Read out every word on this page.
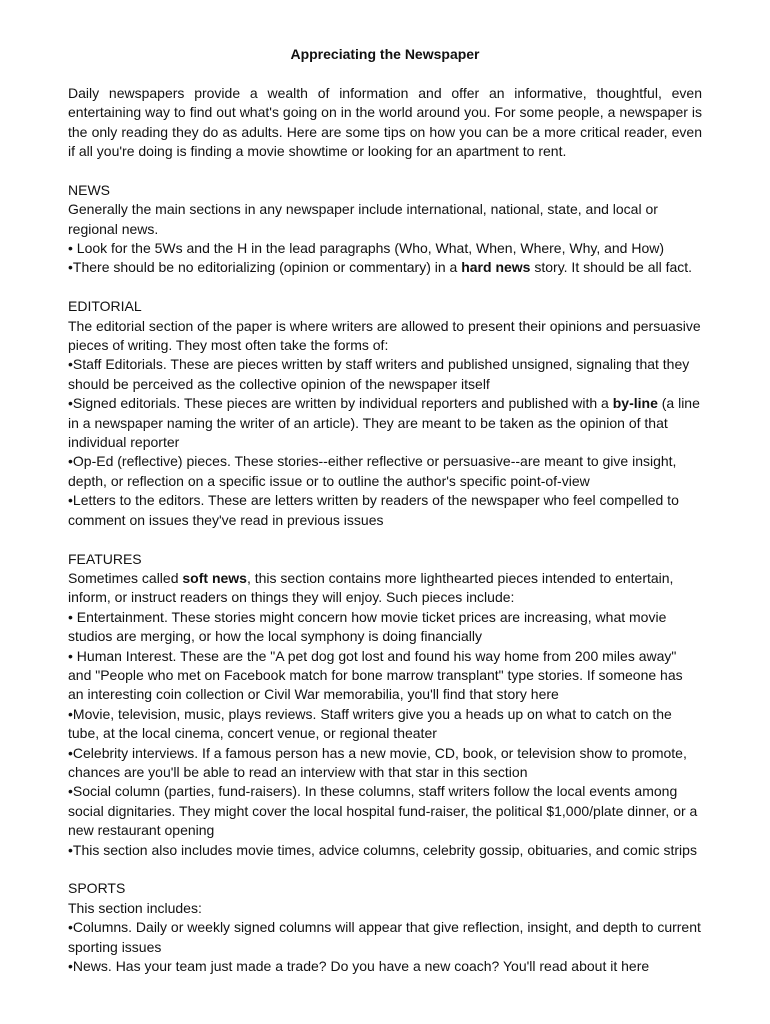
Appreciating the Newspaper

Daily newspapers provide a wealth of information and offer an informative, thoughtful, even entertaining way to find out what's going on in the world around you. For some people, a newspaper is the only reading they do as adults. Here are some tips on how you can be a more critical reader, even if all you're doing is finding a movie showtime or looking for an apartment to rent.

NEWS

Generally the main sections in any newspaper include international, national, state, and local or regional news.

• Look for the 5Ws and the H in the lead paragraphs (Who, What, When, Where, Why, and How)

•There should be no editorializing (opinion or commentary) in a hard news story. It should be all fact.

EDITORIAL

The editorial section of the paper is where writers are allowed to present their opinions and persuasive pieces of writing. They most often take the forms of:

•Staff Editorials. These are pieces written by staff writers and published unsigned, signaling that they should be perceived as the collective opinion of the newspaper itself

•Signed editorials. These pieces are written by individual reporters and published with a by-line (a line in a newspaper naming the writer of an article). They are meant to be taken as the opinion of that individual reporter

•Op-Ed (reflective) pieces. These stories--either reflective or persuasive--are meant to give insight, depth, or reflection on a specific issue or to outline the author's specific point-of-view

•Letters to the editors. These are letters written by readers of the newspaper who feel compelled to comment on issues they've read in previous issues

FEATURES

Sometimes called soft news, this section contains more lighthearted pieces intended to entertain, inform, or instruct readers on things they will enjoy. Such pieces include:

• Entertainment. These stories might concern how movie ticket prices are increasing, what movie studios are merging, or how the local symphony is doing financially

• Human Interest. These are the "A pet dog got lost and found his way home from 200 miles away" and "People who met on Facebook match for bone marrow transplant" type stories. If someone has an interesting coin collection or Civil War memorabilia, you'll find that story here

•Movie, television, music, plays reviews. Staff writers give you a heads up on what to catch on the tube, at the local cinema, concert venue, or regional theater

•Celebrity interviews. If a famous person has a new movie, CD, book, or television show to promote, chances are you'll be able to read an interview with that star in this section

•Social column (parties, fund-raisers). In these columns, staff writers follow the local events among social dignitaries. They might cover the local hospital fund-raiser, the political $1,000/plate dinner, or a new restaurant opening

•This section also includes movie times, advice columns, celebrity gossip, obituaries, and comic strips

SPORTS

This section includes:

•Columns. Daily or weekly signed columns will appear that give reflection, insight, and depth to current sporting issues

•News. Has your team just made a trade? Do you have a new coach? You'll read about it here
